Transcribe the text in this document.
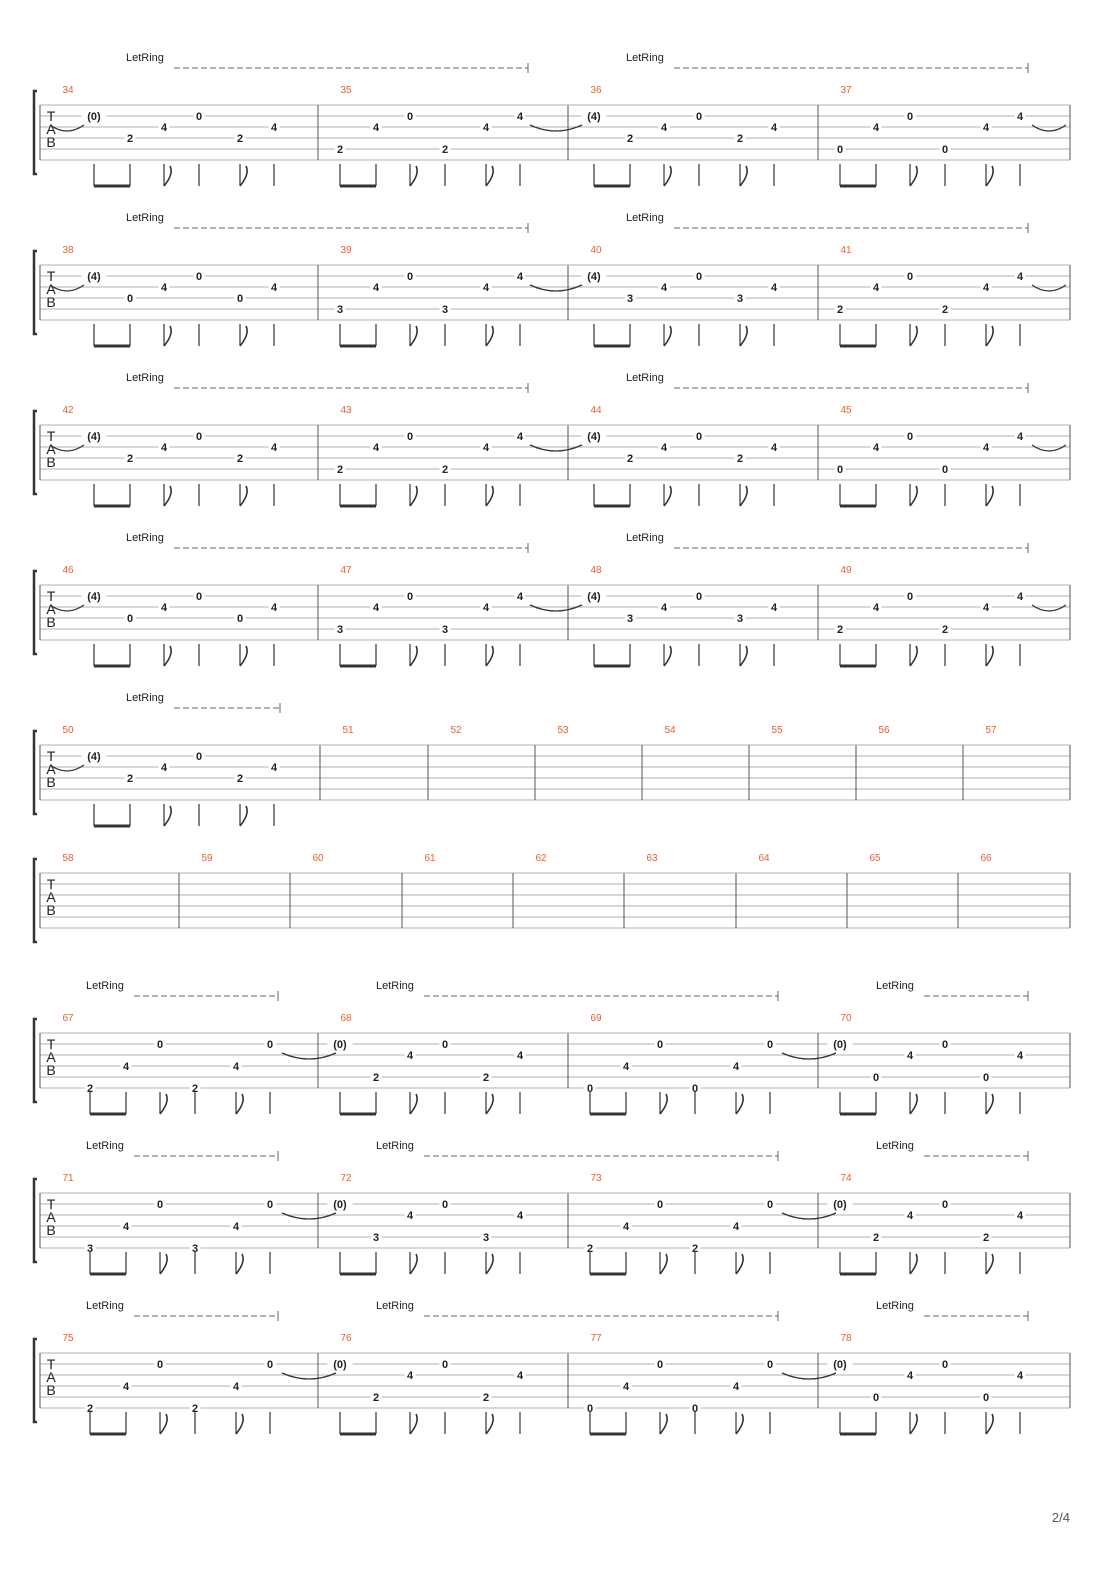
T
A
B
34	35	36	37
LetRing	LetRing
(0)
2
4
0
2
4
2
4
0
2
4
4	(4)
2
4
0
2
4
0
4
0
0
4
4
T
A
B
38	39	40	41
LetRing	LetRing
(4)
0
4
0
0
4
3
4
0
3
4
4	(4)
3
4
0
3
4
2
4
0
2
4
4
T
A
B
42	43	44	45
LetRing	LetRing
(4)
2
4
0
2
4
2
4
0
2
4
4	(4)
2
4
0
2
4
0
4
0
0
4
4
T
A
B
46	47	48	49
LetRing	LetRing
(4)
0
4
0
0
4
3
4
0
3
4
4	(4)
3
4
0
3
4
2
4
0
2
4
4
T
A
B
50	51	52	53	54	55	56	57
LetRing
(4)
2
4
0
2
4
T
A
B
58	59	60	61	62	63	64	65	66
T
A
B
67	68	69	70
LetRing	LetRing	LetRing
2
4
0
2
4
0	(0)
2
4
0
2
4
0
4
0
0
4
0	(0)
0
4
0
0
4
T
A
B
71	72	73	74
LetRing	LetRing	LetRing
3
4
0
3
4
0	(0)
3
4
0
3
4
2
4
0
2
4
0	(0)
2
4
0
2
4
T
A
B
75	76	77	78
LetRing	LetRing	LetRing
2
4
0
2
4
0	(0)
2
4
0
2
4
0
4
0
0
4
0	(0)
0
4
0
0
4
2/4
